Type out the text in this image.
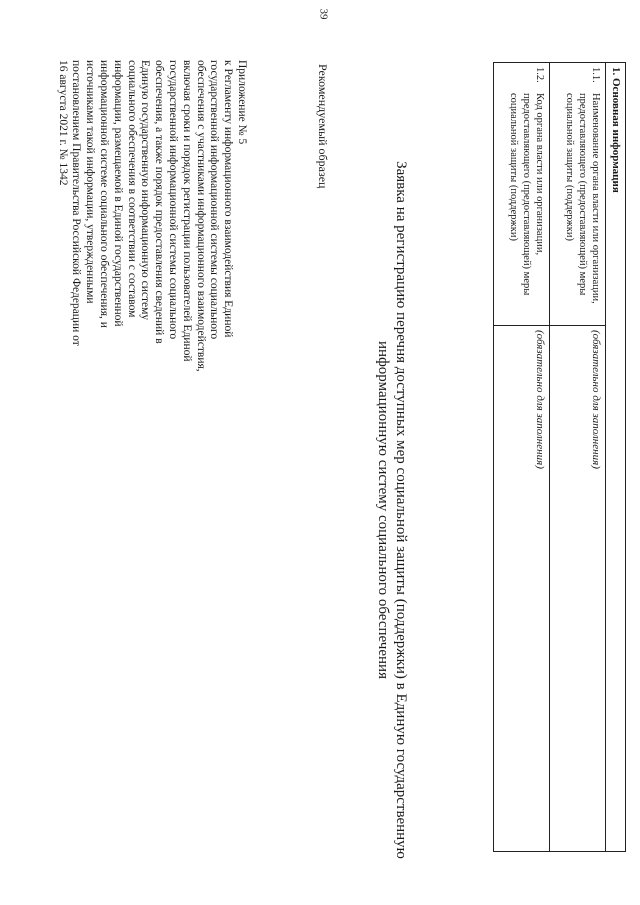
39
Приложение № 5
к Регламенту информационного взаимодействия Единой
государственной информационной системы социального
обеспечения с участниками информационного взаимодействия,
включая сроки и порядок регистрации пользователей Единой
государственной информационной системы социального
обеспечения, а также порядок предоставления сведений в
Единую государственную информационную систему
социального обеспечения в соответствии с составом
информации, размещаемой в Единой государственной
информационной системе социального обеспечения, и
источниками такой информации, утвержденными
постановлением Правительства Российской Федерации от
16 августа 2021 г. № 1342	Рекомендуемый образец
Заявка на регистрацию перечня доступных мер социальной защиты (поддержки) в Единую государственную
информационную систему социального обеспечения
1. Основная информация		
1.1.	Наименование органа власти или организации, предоставляющего (предоставляющей) меры социальной защиты (поддержки)	(обязательно для заполнения)
1.2.	Код органа власти или организации, предоставляющего (предоставляющей) меры социальной защиты (поддержки)	(обязательно для заполнения)
